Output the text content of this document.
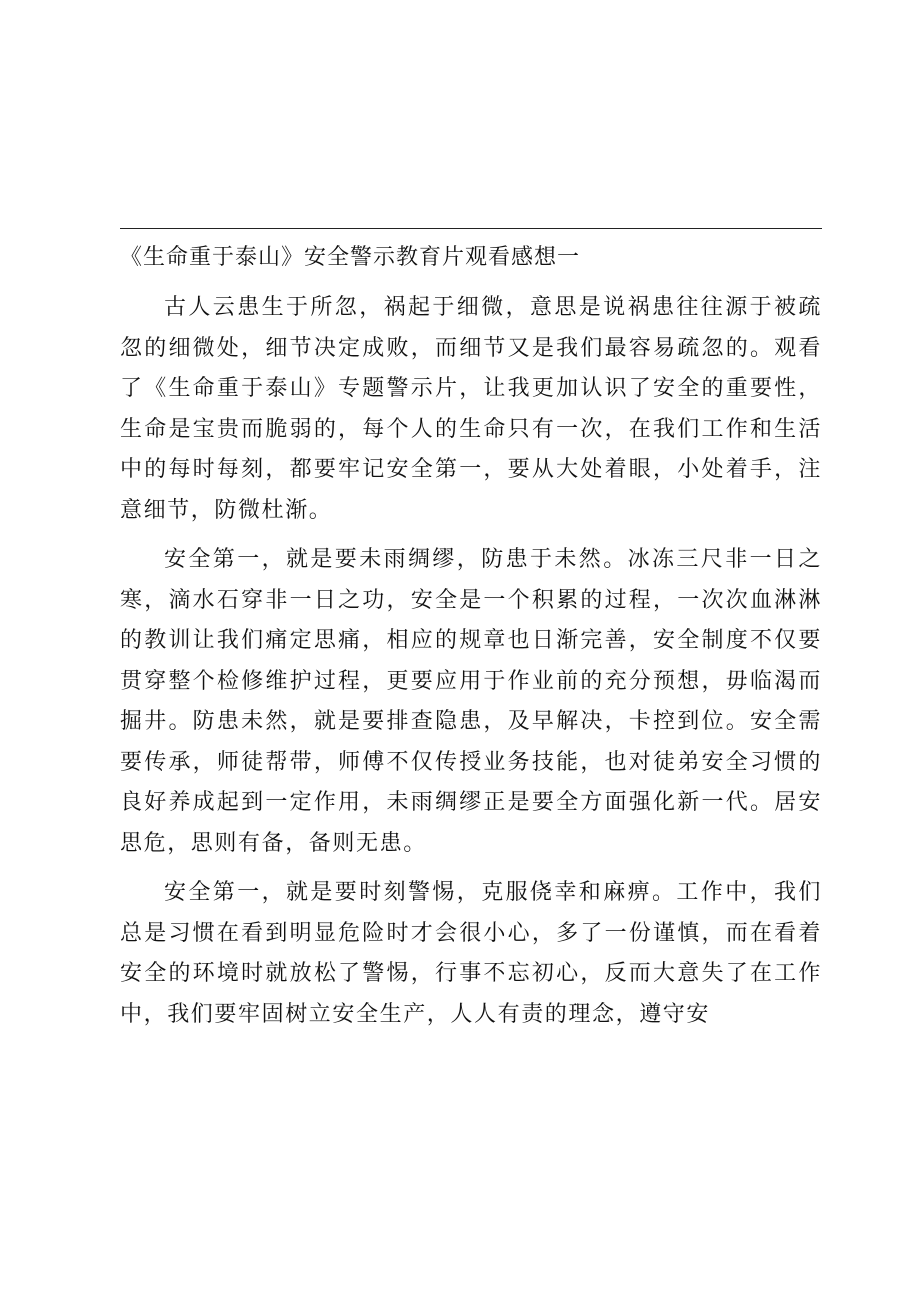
《生命重于泰山》安全警示教育片观看感想一

古人云患生于所忽，祸起于细微，意思是说祸患往往源于被疏忽的细微处，细节决定成败，而细节又是我们最容易疏忽的。观看了《生命重于泰山》专题警示片，让我更加认识了安全的重要性，生命是宝贵而脆弱的，每个人的生命只有一次，在我们工作和生活中的每时每刻，都要牢记安全第一，要从大处着眼，小处着手，注意细节，防微杜渐。

安全第一，就是要未雨绸缪，防患于未然。冰冻三尺非一日之寒，滴水石穿非一日之功，安全是一个积累的过程，一次次血淋淋的教训让我们痛定思痛，相应的规章也日渐完善，安全制度不仅要贯穿整个检修维护过程，更要应用于作业前的充分预想，毋临渴而掘井。防患未然，就是要排查隐患，及早解决，卡控到位。安全需要传承，师徒帮带，师傅不仅传授业务技能，也对徒弟安全习惯的良好养成起到一定作用，未雨绸缪正是要全方面强化新一代。居安思危，思则有备，备则无患。

安全第一，就是要时刻警惕，克服侥幸和麻痹。工作中，我们总是习惯在看到明显危险时才会很小心，多了一份谨慎，而在看着安全的环境时就放松了警惕，行事不忘初心，反而大意失了在工作中，我们要牢固树立安全生产，人人有责的理念，遵守安
